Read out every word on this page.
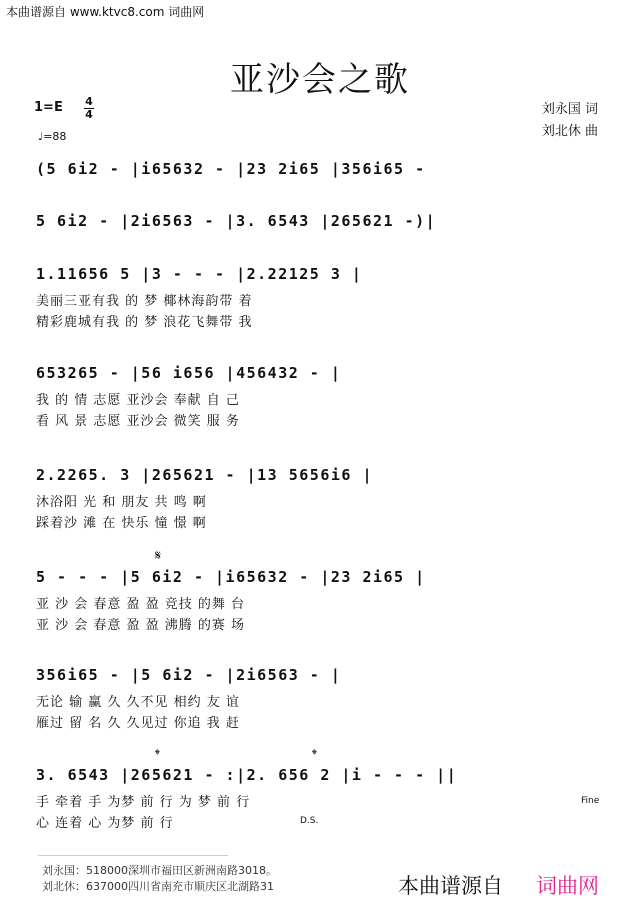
本曲谱源自 www.ktvc8.com 词曲网
亚沙会之歌
1=E 4
4
♩=88
刘永国 词
刘北休 曲
(5 6i2 - |i65632 - |23 2i65 |356i65 -
5 6i2 - |2i6563 - |3. 6543 |265621 -)|
1.11656 5 |3 - - - |2.22125 3 |
美丽三亚有我 的 梦 椰林海韵带 着
精彩鹿城有我 的 梦 浪花飞舞带 我
653265 - |56 i656 |456432 - |
我 的 情 志愿 亚沙会 奉献 自 己
看 风 景 志愿 亚沙会 微笑 服 务
2.2265. 3 |265621 - |13 5656i6 |
沐浴阳 光 和 朋友 共 鸣 啊
踩着沙 滩 在 快乐 憧 憬 啊
𝄋
5 - - - |5 6i2 - |i65632 - |23 2i65 |
亚 沙 会 春意 盈 盈 竞技 的舞 台
亚 沙 会 春意 盈 盈 沸腾 的赛 场
356i65 - |5 6i2 - |2i6563 - |
无论 输 赢 久 久不见 相约 友 谊
雁过 留 名 久 久见过 你追 我 赶
𝄌	𝄌
3. 6543 |265621 - :|2. 656 2 |i - - - ||
手 牵着 手 为梦 前 行 为 梦 前 行
心 连着 心 为梦 前 行	D.S.
Fine
刘永国：518000深圳市福田区新洲南路3018。
刘北休：637000四川省南充市顺庆区北湖路31	本曲谱源自 词曲网
